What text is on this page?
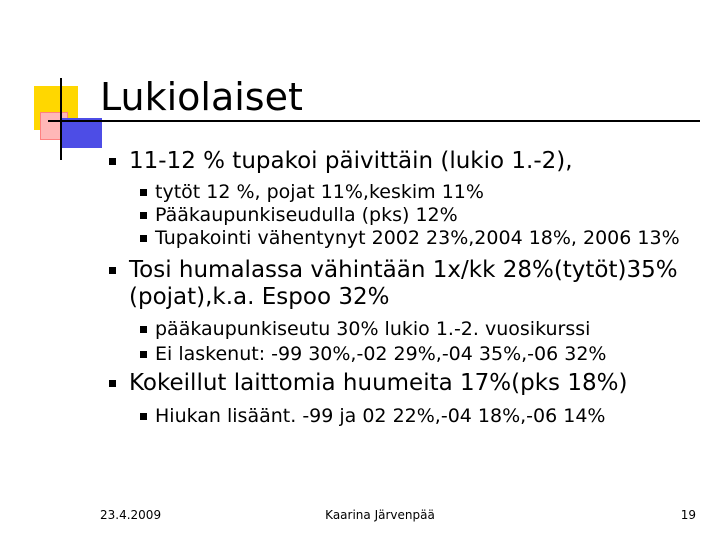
Lukiolaiset
11-12 % tupakoi päivittäin (lukio 1.-2),
tytöt 12 %, pojat 11%,keskim 11%
Pääkaupunkiseudulla (pks) 12%
Tupakointi vähentynyt 2002 23%,2004 18%, 2006 13%
Tosi humalassa vähintään 1x/kk 28%(tytöt)35%(pojat),k.a. Espoo 32%
pääkaupunkiseutu 30% lukio 1.-2. vuosikurssi
Ei laskenut: -99 30%,-02 29%,-04 35%,-06 32%
Kokeillut laittomia huumeita 17%(pks 18%)
Hiukan lisäänt. -99 ja 02 22%,-04 18%,-06 14%
23.4.2009	Kaarina Järvenpää	19
